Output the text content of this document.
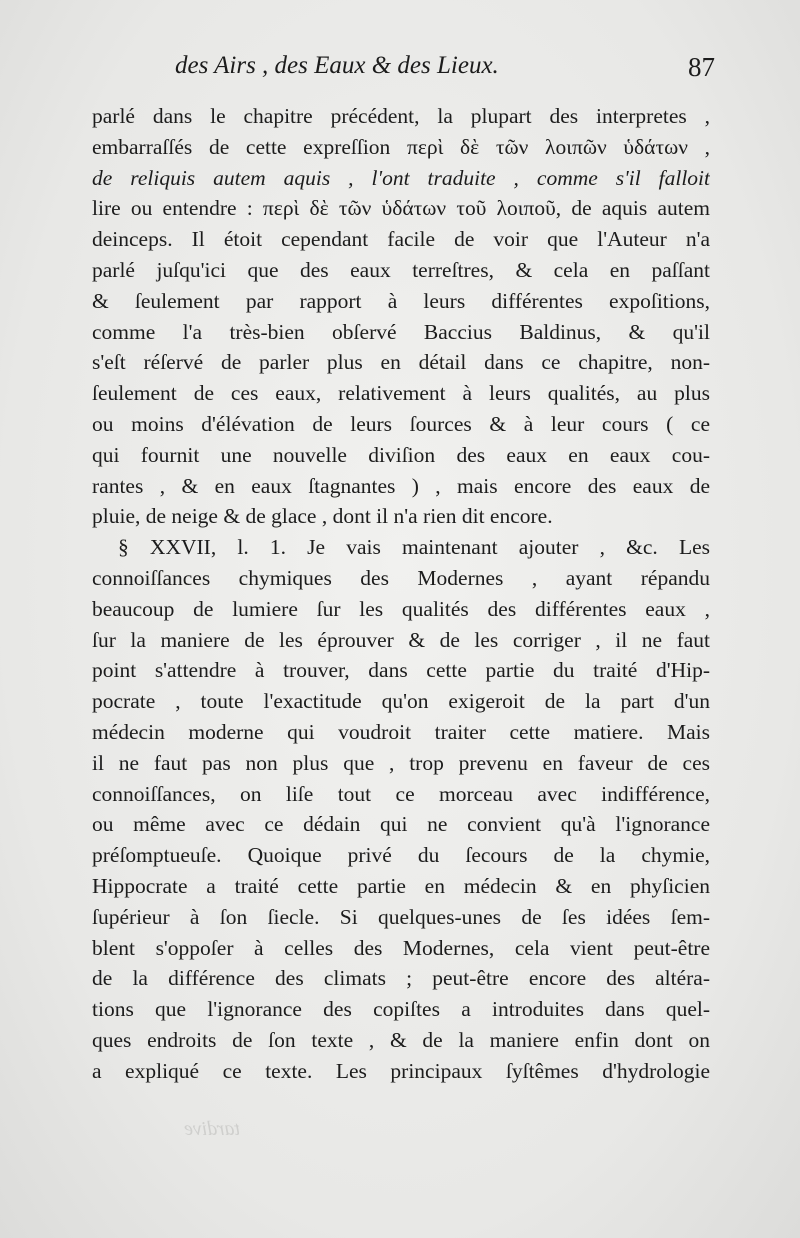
des Airs , des Eaux & des Lieux.	87
parlé dans le chapitre précédent, la plupart des interpretes ,
embarraſſés de cette expreſſion περὶ δὲ τῶν λοιπῶν ὑδάτων ,
de reliquis autem aquis , l'ont traduite , comme s'il falloit
lire ou entendre : περὶ δὲ τῶν ὑδάτων τοῦ λοιποῦ, de aquis autem
deinceps. Il étoit cependant facile de voir que l'Auteur n'a
parlé juſqu'ici que des eaux terreſtres, & cela en paſſant
& ſeulement par rapport à leurs différentes expoſitions,
comme l'a très-bien obſervé Baccius Baldinus, & qu'il
s'eſt réſervé de parler plus en détail dans ce chapitre, non-
ſeulement de ces eaux, relativement à leurs qualités, au plus
ou moins d'élévation de leurs ſources & à leur cours ( ce
qui fournit une nouvelle diviſion des eaux en eaux cou-
rantes , & en eaux ſtagnantes ) , mais encore des eaux de
pluie, de neige & de glace , dont il n'a rien dit encore.
§ XXVII, l. 1. Je vais maintenant ajouter , &c. Les
connoiſſances chymiques des Modernes , ayant répandu
beaucoup de lumiere ſur les qualités des différentes eaux ,
ſur la maniere de les éprouver & de les corriger , il ne faut
point s'attendre à trouver, dans cette partie du traité d'Hip-
pocrate , toute l'exactitude qu'on exigeroit de la part d'un
médecin moderne qui voudroit traiter cette matiere. Mais
il ne faut pas non plus que , trop prevenu en faveur de ces
connoiſſances, on liſe tout ce morceau avec indifférence,
ou même avec ce dédain qui ne convient qu'à l'ignorance
préſomptueuſe. Quoique privé du ſecours de la chymie,
Hippocrate a traité cette partie en médecin & en phyſicien
ſupérieur à ſon ſiecle. Si quelques-unes de ſes idées ſem-
blent s'oppoſer à celles des Modernes, cela vient peut-être
de la différence des climats ; peut-être encore des altéra-
tions que l'ignorance des copiſtes a introduites dans quel-
ques endroits de ſon texte , & de la maniere enfin dont on
a expliqué ce texte. Les principaux ſyſtêmes d'hydrologie
tardive
